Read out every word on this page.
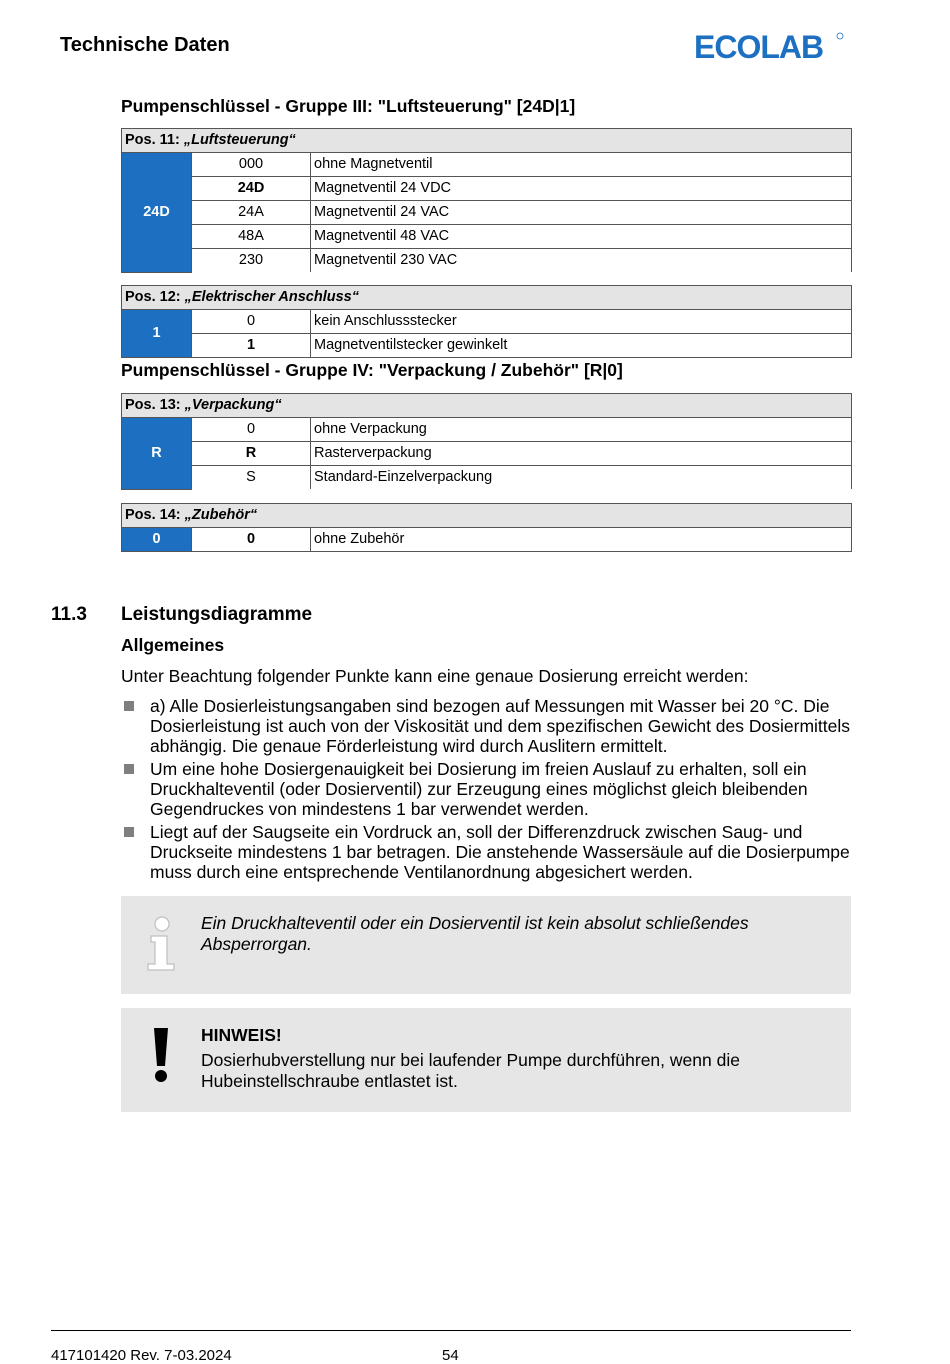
Technische Daten	ECOLAB
Pumpenschlüssel - Gruppe III: "Luftsteuerung" [24D|1]
Pos. 11: „Luftsteuerung“		
24D	000	ohne Magnetventil
	24D	Magnetventil 24 VDC
	24A	Magnetventil 24 VAC
	48A	Magnetventil 48 VAC
	230	Magnetventil 230 VAC
Pos. 12: „Elektrischer Anschluss“		
1	0	kein Anschlussstecker
	1	Magnetventilstecker gewinkelt
Pumpenschlüssel - Gruppe IV: "Verpackung / Zubehör" [R|0]
Pos. 13: „Verpackung“		
R	0	ohne Verpackung
	R	Rasterverpackung
	S	Standard-Einzelverpackung
Pos. 14: „Zubehör“
0	0	ohne Zubehör
11.3 Leistungsdiagramme
Allgemeines
Unter Beachtung folgender Punkte kann eine genaue Dosierung erreicht werden:
a) Alle Dosierleistungsangaben sind bezogen auf Messungen mit Wasser bei 20 °C. Die Dosierleistung ist auch von der Viskosität und dem spezifischen Gewicht des Dosiermittels abhängig. Die genaue Förderleistung wird durch Auslitern ermittelt.
Um eine hohe Dosiergenauigkeit bei Dosierung im freien Auslauf zu erhalten, soll ein Druckhalteventil (oder Dosierventil) zur Erzeugung eines möglichst gleich bleibenden Gegendruckes von mindestens 1 bar verwendet werden.
Liegt auf der Saugseite ein Vordruck an, soll der Differenzdruck zwischen Saug- und Druckseite mindestens 1 bar betragen. Die anstehende Wassersäule auf die Dosierpumpe muss durch eine entsprechende Ventilanordnung abgesichert werden.
Ein Druckhalteventil oder ein Dosierventil ist kein absolut schließendes Absperrorgan.
HINWEIS!
Dosierhubverstellung nur bei laufender Pumpe durchführen, wenn die Hubeinstellschraube entlastet ist.
417101420 Rev. 7-03.2024	54
